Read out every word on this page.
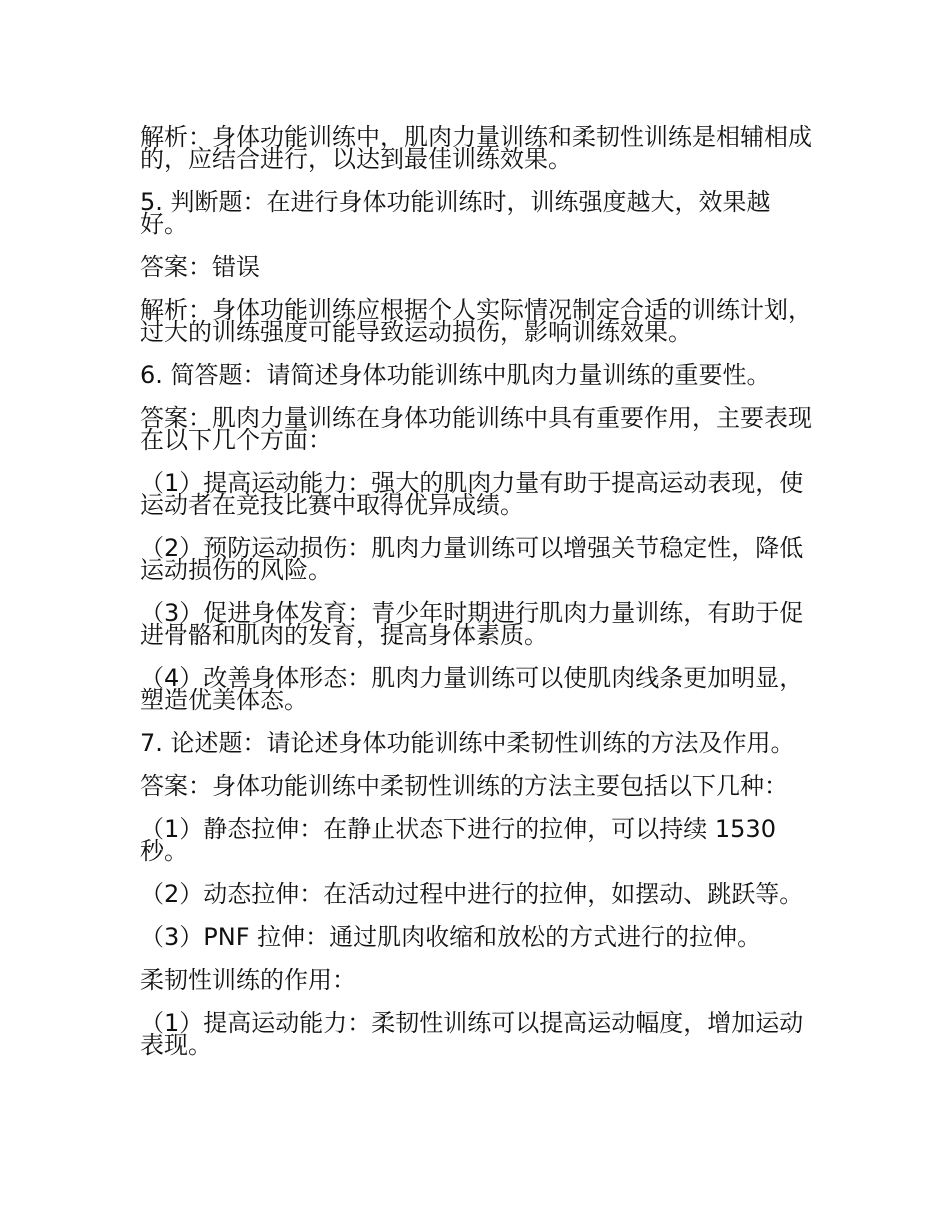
解析：身体功能训练中，肌肉力量训练和柔韧性训练是相辅相成的，应结合进行，以达到最佳训练效果。

5. 判断题：在进行身体功能训练时，训练强度越大，效果越好。

答案：错误

解析：身体功能训练应根据个人实际情况制定合适的训练计划，过大的训练强度可能导致运动损伤，影响训练效果。

6. 简答题：请简述身体功能训练中肌肉力量训练的重要性。

答案：肌肉力量训练在身体功能训练中具有重要作用，主要表现在以下几个方面：

（1）提高运动能力：强大的肌肉力量有助于提高运动表现，使运动者在竞技比赛中取得优异成绩。

（2）预防运动损伤：肌肉力量训练可以增强关节稳定性，降低运动损伤的风险。

（3）促进身体发育：青少年时期进行肌肉力量训练，有助于促进骨骼和肌肉的发育，提高身体素质。

（4）改善身体形态：肌肉力量训练可以使肌肉线条更加明显，塑造优美体态。

7. 论述题：请论述身体功能训练中柔韧性训练的方法及作用。

答案：身体功能训练中柔韧性训练的方法主要包括以下几种：

（1）静态拉伸：在静止状态下进行的拉伸，可以持续 1530 秒。

（2）动态拉伸：在活动过程中进行的拉伸，如摆动、跳跃等。

（3）PNF 拉伸：通过肌肉收缩和放松的方式进行的拉伸。

柔韧性训练的作用：

（1）提高运动能力：柔韧性训练可以提高运动幅度，增加运动表现。
